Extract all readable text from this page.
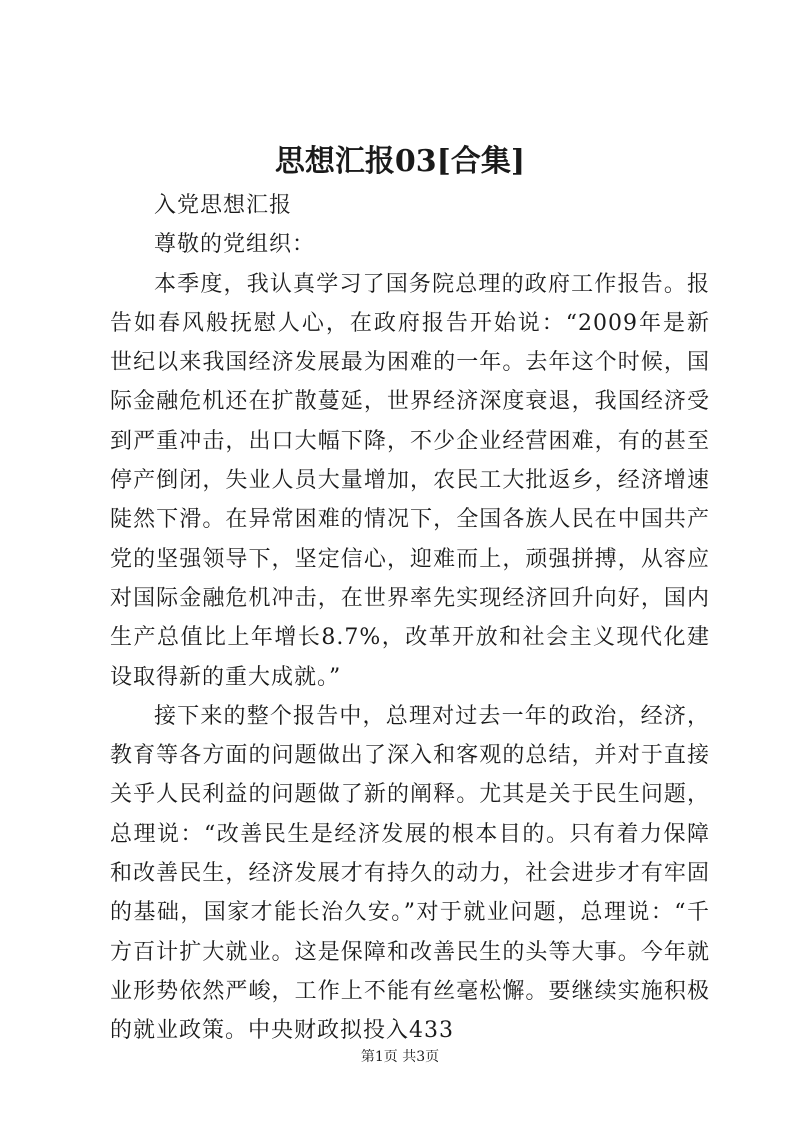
思想汇报03[合集]

入党思想汇报

尊敬的党组织：

本季度，我认真学习了国务院总理的政府工作报告。报告如春风般抚慰人心，在政府报告开始说：“2009年是新世纪以来我国经济发展最为困难的一年。去年这个时候，国际金融危机还在扩散蔓延，世界经济深度衰退，我国经济受到严重冲击，出口大幅下降，不少企业经营困难，有的甚至停产倒闭，失业人员大量增加，农民工大批返乡，经济增速陡然下滑。在异常困难的情况下，全国各族人民在中国共产党的坚强领导下，坚定信心，迎难而上，顽强拼搏，从容应对国际金融危机冲击，在世界率先实现经济回升向好，国内生产总值比上年增长8.7%，改革开放和社会主义现代化建设取得新的重大成就。”

接下来的整个报告中，总理对过去一年的政治，经济，教育等各方面的问题做出了深入和客观的总结，并对于直接关乎人民利益的问题做了新的阐释。尤其是关于民生问题，总理说：“改善民生是经济发展的根本目的。只有着力保障和改善民生，经济发展才有持久的动力，社会进步才有牢固的基础，国家才能长治久安。”对于就业问题，总理说：“千方百计扩大就业。这是保障和改善民生的头等大事。今年就业形势依然严峻，工作上不能有丝毫松懈。要继续实施积极的就业政策。中央财政拟投入433

第1页 共3页
